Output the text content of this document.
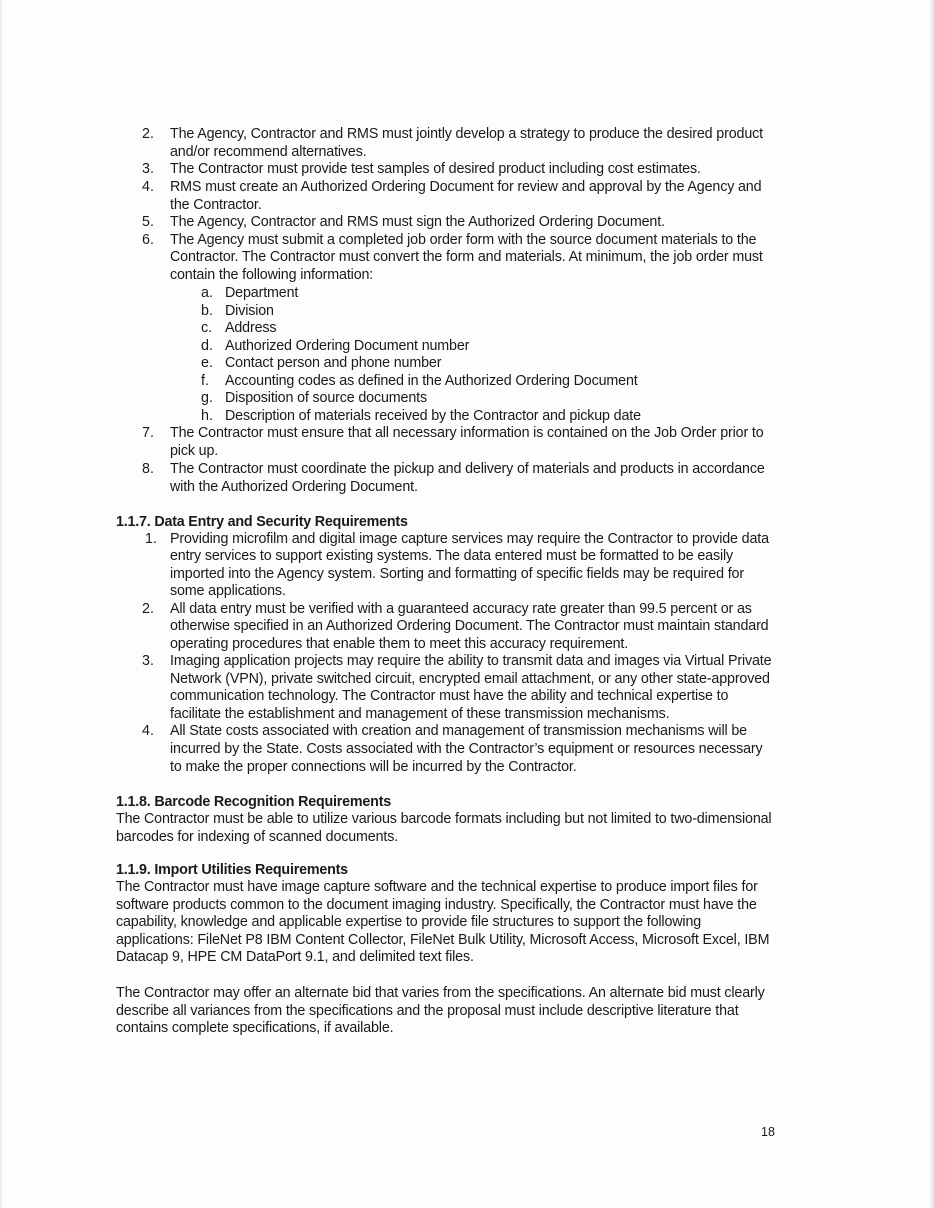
2. The Agency, Contractor and RMS must jointly develop a strategy to produce the desired product
and/or recommend alternatives.
3. The Contractor must provide test samples of desired product including cost estimates.
4. RMS must create an Authorized Ordering Document for review and approval by the Agency and
the Contractor.
5. The Agency, Contractor and RMS must sign the Authorized Ordering Document.
6. The Agency must submit a completed job order form with the source document materials to the
Contractor. The Contractor must convert the form and materials. At minimum, the job order must
contain the following information:
a. Department
b. Division
c. Address
d. Authorized Ordering Document number
e. Contact person and phone number
f. Accounting codes as defined in the Authorized Ordering Document
g. Disposition of source documents
h. Description of materials received by the Contractor and pickup date
7. The Contractor must ensure that all necessary information is contained on the Job Order prior to
pick up.
8. The Contractor must coordinate the pickup and delivery of materials and products in accordance
with the Authorized Ordering Document.
1.1.7. Data Entry and Security Requirements
1. Providing microfilm and digital image capture services may require the Contractor to provide data
entry services to support existing systems. The data entered must be formatted to be easily
imported into the Agency system. Sorting and formatting of specific fields may be required for
some applications.
2. All data entry must be verified with a guaranteed accuracy rate greater than 99.5 percent or as
otherwise specified in an Authorized Ordering Document. The Contractor must maintain standard
operating procedures that enable them to meet this accuracy requirement.
3. Imaging application projects may require the ability to transmit data and images via Virtual Private
Network (VPN), private switched circuit, encrypted email attachment, or any other state-approved
communication technology. The Contractor must have the ability and technical expertise to
facilitate the establishment and management of these transmission mechanisms.
4. All State costs associated with creation and management of transmission mechanisms will be
incurred by the State. Costs associated with the Contractor’s equipment or resources necessary
to make the proper connections will be incurred by the Contractor.
1.1.8. Barcode Recognition Requirements
The Contractor must be able to utilize various barcode formats including but not limited to two-dimensional
barcodes for indexing of scanned documents.
1.1.9. Import Utilities Requirements
The Contractor must have image capture software and the technical expertise to produce import files for
software products common to the document imaging industry. Specifically, the Contractor must have the
capability, knowledge and applicable expertise to provide file structures to support the following
applications: FileNet P8 IBM Content Collector, FileNet Bulk Utility, Microsoft Access, Microsoft Excel, IBM
Datacap 9, HPE CM DataPort 9.1, and delimited text files.
The Contractor may offer an alternate bid that varies from the specifications. An alternate bid must clearly
describe all variances from the specifications and the proposal must include descriptive literature that
contains complete specifications, if available.
18
